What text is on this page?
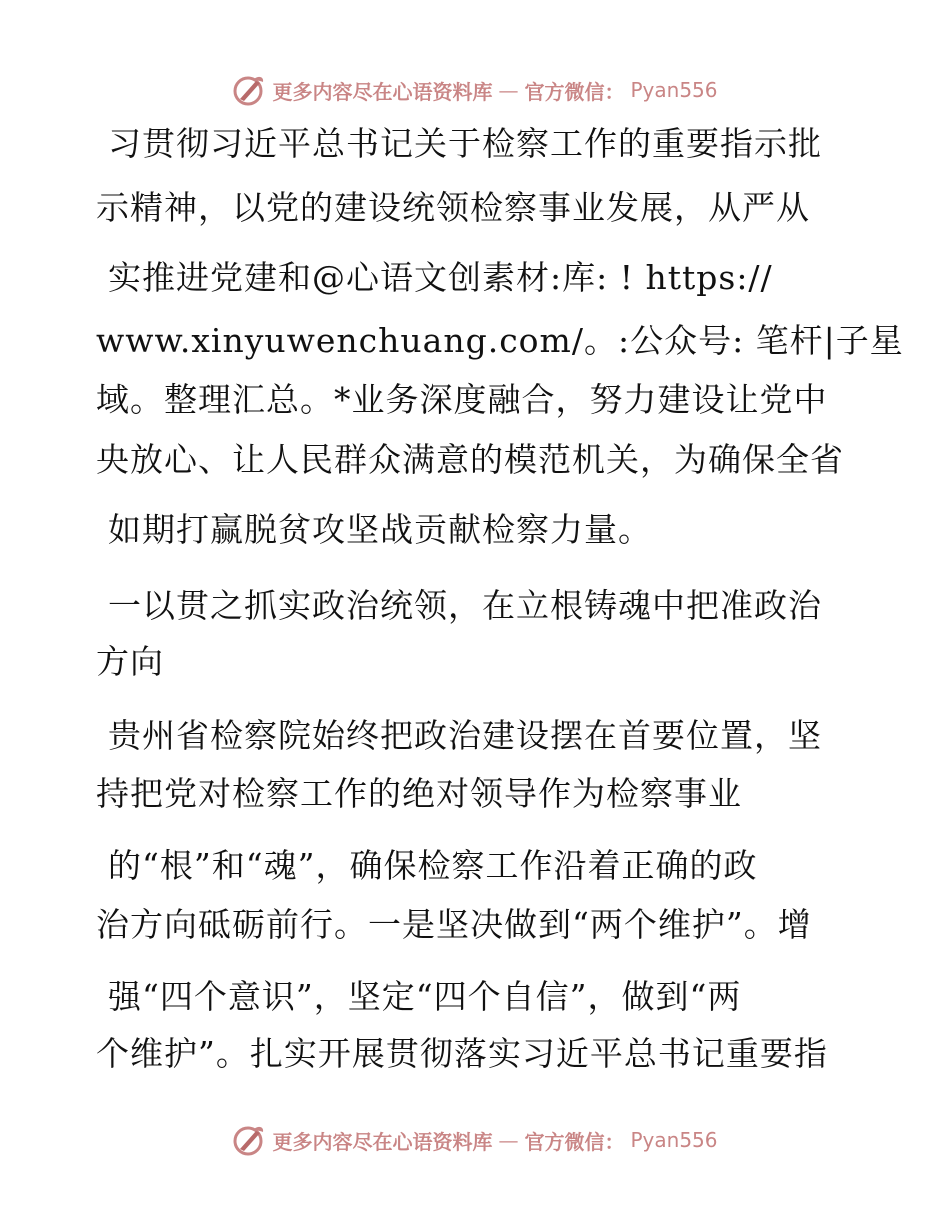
更多内容尽在心语资料库 — 官方微信： Pyan556
习贯彻习近平总书记关于检察工作的重要指示批
示精神，以党的建设统领检察事业发展，从严从
实推进党建和@心语文创素材:库: ! https://
www.xinyuwenchuang.com/。:公众号: 笔杆|子星
域。整理汇总。*业务深度融合，努力建设让党中
央放心、让人民群众满意的模范机关，为确保全省
如期打赢脱贫攻坚战贡献检察力量。
一以贯之抓实政治统领，在立根铸魂中把准政治
方向
贵州省检察院始终把政治建设摆在首要位置，坚
持把党对检察工作的绝对领导作为检察事业
的“根”和“魂”，确保检察工作沿着正确的政
治方向砥砺前行。一是坚决做到“两个维护”。增
强“四个意识”，坚定“四个自信”，做到“两
个维护”。扎实开展贯彻落实习近平总书记重要指
更多内容尽在心语资料库 — 官方微信： Pyan556
